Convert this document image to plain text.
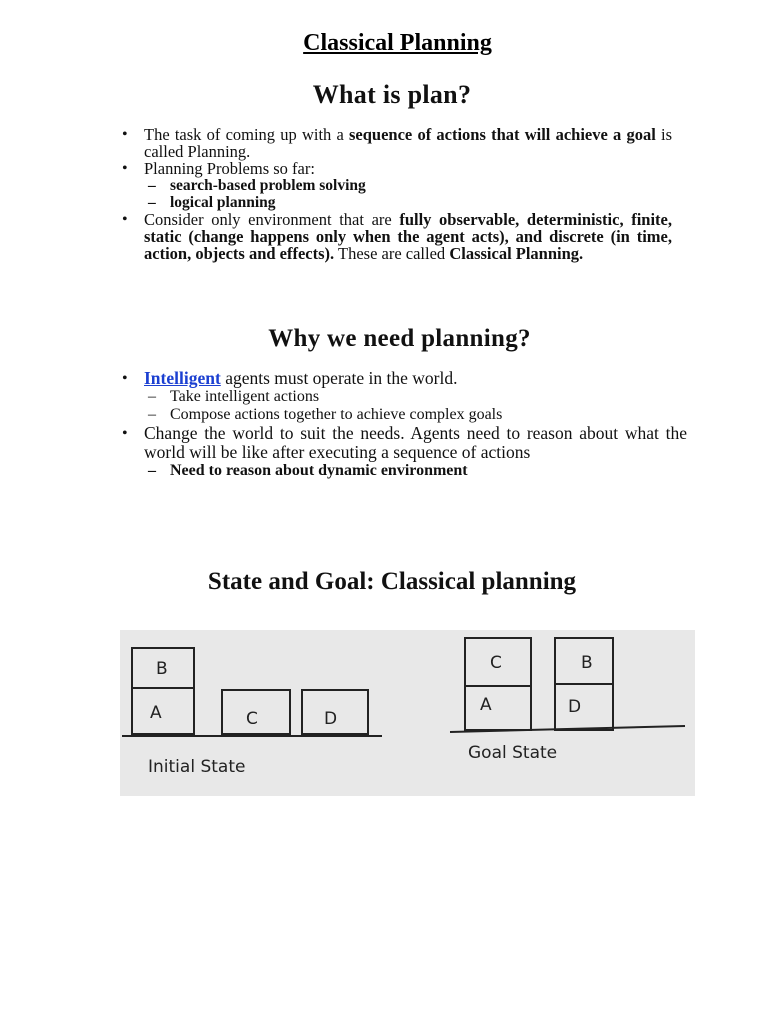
Classical Planning
What is plan?
• The task of coming up with a sequence of actions that will achieve a goal is called Planning.
• Planning Problems so far:
– search-based problem solving
– logical planning
• Consider only environment that are fully observable, deterministic, finite, static (change happens only when the agent acts), and discrete (in time, action, objects and effects). These are called Classical Planning.
Why we need planning?
• Intelligent agents must operate in the world.
– Take intelligent actions
– Compose actions together to achieve complex goals
• Change the world to suit the needs. Agents need to reason about what the world will be like after executing a sequence of actions
– Need to reason about dynamic environment
State and Goal: Classical planning
B
A	C	D
Initial State
C	B
A	D
Goal State
